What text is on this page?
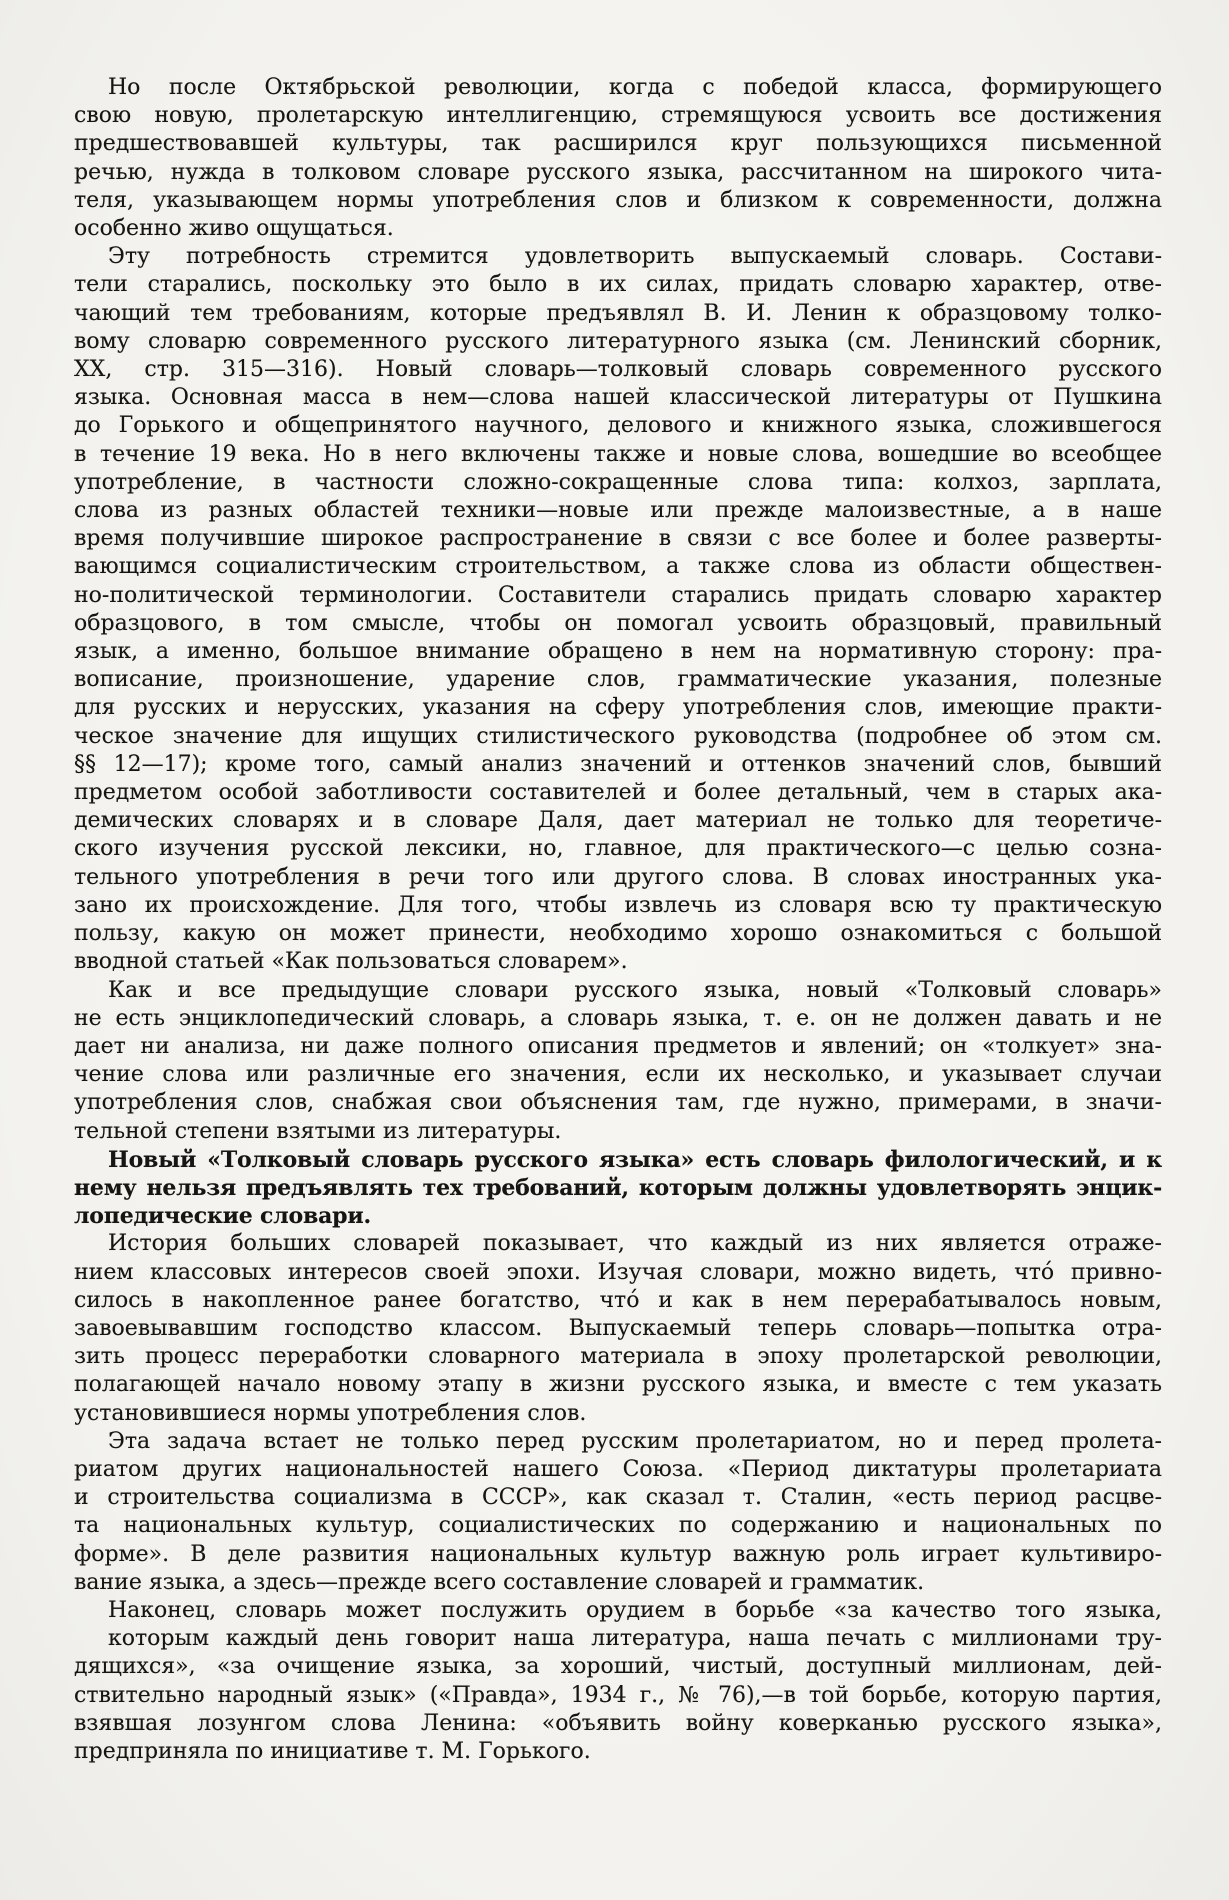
Но после Октябрьской революции, когда с победой класса, формирующего
свою новую, пролетарскую интеллигенцию, стремящуюся усвоить все достижения
предшествовавшей культуры, так расширился круг пользующихся письменной
речью, нужда в толковом словаре русского языка, рассчитанном на широкого чита-
теля, указывающем нормы употребления слов и близком к современности, должна
особенно живо ощущаться.
Эту потребность стремится удовлетворить выпускаемый словарь. Состави-
тели старались, поскольку это было в их силах, придать словарю характер, отве-
чающий тем требованиям, которые предъявлял В. И. Ленин к образцовому толко-
вому словарю современного русского литературного языка (см. Ленинский сборник,
XX, стр. 315—316). Новый словарь—толковый словарь современного русского
языка. Основная масса в нем—слова нашей классической литературы от Пушкина
до Горького и общепринятого научного, делового и книжного языка, сложившегося
в течение 19 века. Но в него включены также и новые слова, вошедшие во всеобщее
употребление, в частности сложно-сокращенные слова типа: колхоз, зарплата,
слова из разных областей техники—новые или прежде малоизвестные, а в наше
время получившие широкое распространение в связи с все более и более разверты-
вающимся социалистическим строительством, а также слова из области обществен-
но-политической терминологии. Составители старались придать словарю характер
образцового, в том смысле, чтобы он помогал усвоить образцовый, правильный
язык, а именно, большое внимание обращено в нем на нормативную сторону: пра-
вописание, произношение, ударение слов, грамматические указания, полезные
для русских и нерусских, указания на сферу употребления слов, имеющие практи-
ческое значение для ищущих стилистического руководства (подробнее об этом см.
§§ 12—17); кроме того, самый анализ значений и оттенков значений слов, бывший
предметом особой заботливости составителей и более детальный, чем в старых ака-
демических словарях и в словаре Даля, дает материал не только для теоретиче-
ского изучения русской лексики, но, главное, для практического—с целью созна-
тельного употребления в речи того или другого слова. В словах иностранных ука-
зано их происхождение. Для того, чтобы извлечь из словаря всю ту практическую
пользу, какую он может принести, необходимо хорошо ознакомиться с большой
вводной статьей «Как пользоваться словарем».
Как и все предыдущие словари русского языка, новый «Толковый словарь»
не есть энциклопедический словарь, а словарь языка, т. е. он не должен давать и не
дает ни анализа, ни даже полного описания предметов и явлений; он «толкует» зна-
чение слова или различные его значения, если их несколько, и указывает случаи
употребления слов, снабжая свои объяснения там, где нужно, примерами, в значи-
тельной степени взятыми из литературы.
Новый «Толковый словарь русского языка» есть словарь филологический, и к
нему нельзя предъявлять тех требований, которым должны удовлетворять энцик-
лопедические словари.
История больших словарей показывает, что каждый из них является отраже-
нием классовых интересов своей эпохи. Изучая словари, можно видеть, что́ привно-
силось в накопленное ранее богатство, что́ и как в нем перерабатывалось новым,
завоевывавшим господство классом. Выпускаемый теперь словарь—попытка отра-
зить процесс переработки словарного материала в эпоху пролетарской революции,
полагающей начало новому этапу в жизни русского языка, и вместе с тем указать
установившиеся нормы употребления слов.
Эта задача встает не только перед русским пролетариатом, но и перед пролета-
риатом других национальностей нашего Союза. «Период диктатуры пролетариата
и строительства социализма в СССР», как сказал т. Сталин, «есть период расцве-
та национальных культур, социалистических по содержанию и национальных по
форме». В деле развития национальных культур важную роль играет культивиро-
вание языка, а здесь—прежде всего составление словарей и грамматик.
Наконец, словарь может послужить орудием в борьбе «за качество того языка,
которым каждый день говорит наша литература, наша печать с миллионами тру-
дящихся», «за очищение языка, за хороший, чистый, доступный миллионам, дей-
ствительно народный язык» («Правда», 1934 г., № 76),—в той борьбе, которую партия,
взявшая лозунгом слова Ленина: «объявить войну коверканью русского языка»,
предприняла по инициативе т. М. Горького.
